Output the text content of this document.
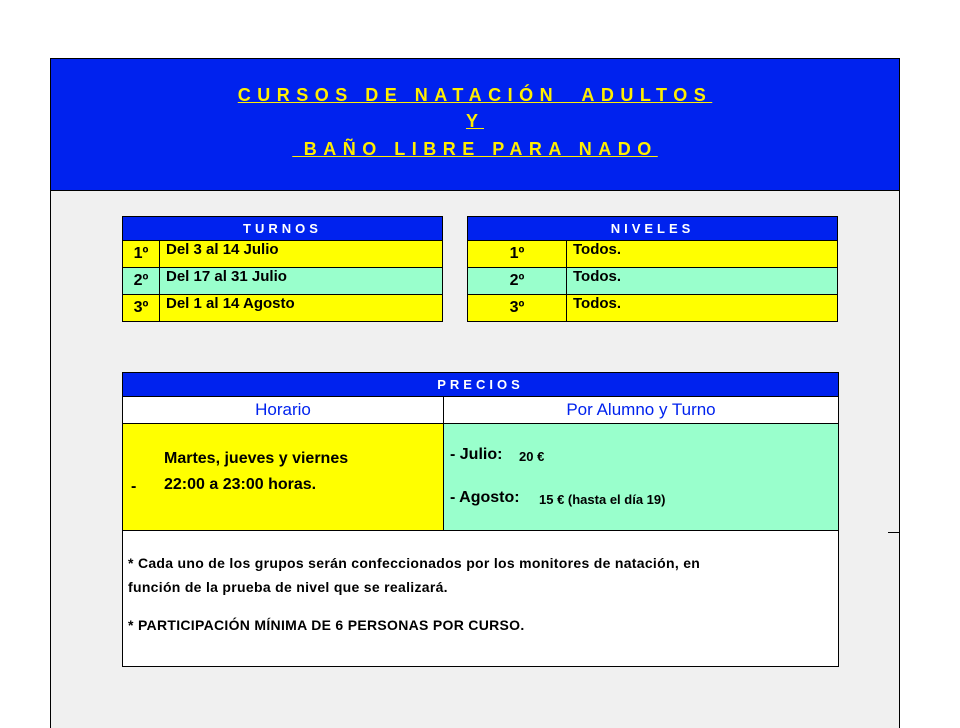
CURSOS DE NATACIÓN  ADULTOS
Y
BAÑO LIBRE PARA NADO
TURNOS	
1º	Del 3 al 14 Julio
2º	Del 17 al 31 Julio
3º	Del 1 al 14 Agosto
NIVELES	
1º	Todos.
2º	Todos.
3º	Todos.
PRECIOS	
Horario	Por Alumno y Turno

-
Martes, jueves y viernes
22:00 a 23:00 horas.	- Julio: 20 €
- Agosto: 15 € (hasta el día 19)

* Cada uno de los grupos serán confeccionados por los monitores de natación, en
función de la prueba de nivel que se realizará.
* PARTICIPACIÓN MÍNIMA DE 6 PERSONAS POR CURSO.	
